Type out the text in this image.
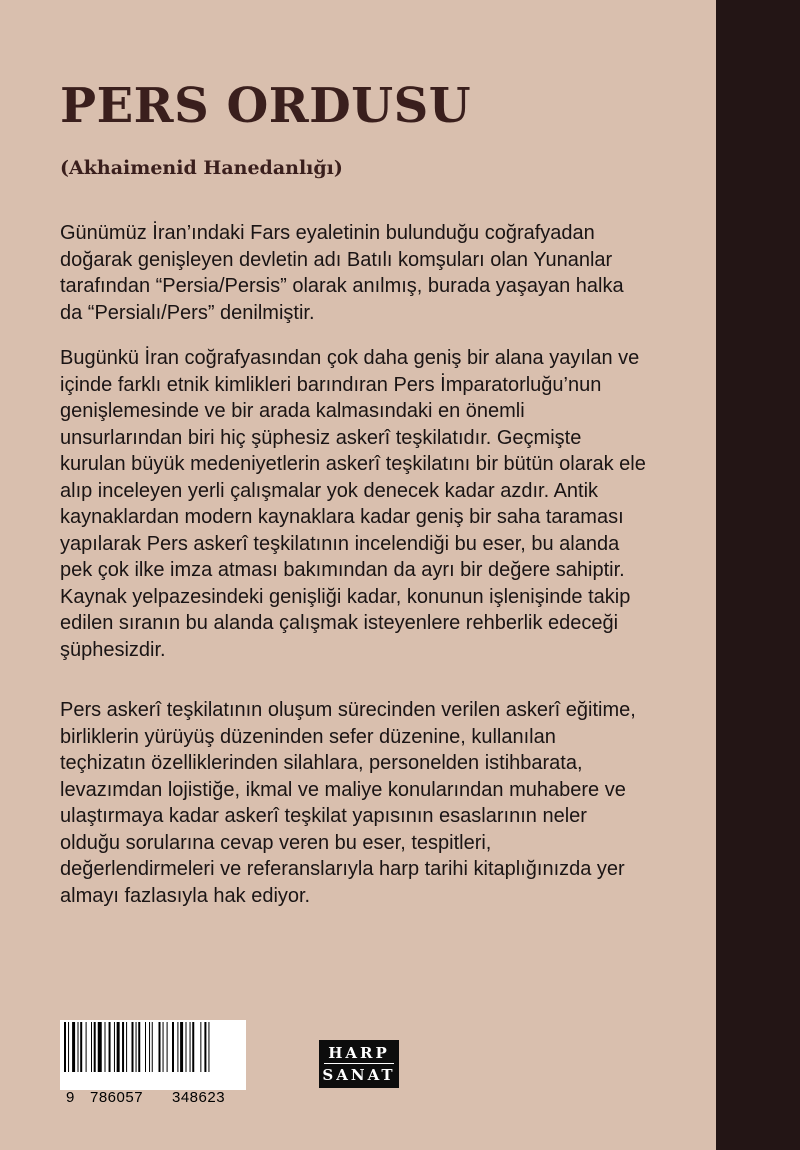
PERS ORDUSU
(Akhaimenid Hanedanlığı)

Günümüz İran’ındaki Fars eyaletinin bulunduğu coğrafyadan
doğarak genişleyen devletin adı Batılı komşuları olan Yunanlar
tarafından “Persia/Persis” olarak anılmış, burada yaşayan halka
da “Persialı/Pers” denilmiştir.

Bugünkü İran coğrafyasından çok daha geniş bir alana yayılan ve
içinde farklı etnik kimlikleri barındıran Pers İmparatorluğu’nun
genişlemesinde ve bir arada kalmasındaki en önemli
unsurlarından biri hiç şüphesiz askerî teşkilatıdır. Geçmişte
kurulan büyük medeniyetlerin askerî teşkilatını bir bütün olarak ele
alıp inceleyen yerli çalışmalar yok denecek kadar azdır. Antik
kaynaklardan modern kaynaklara kadar geniş bir saha taraması
yapılarak Pers askerî teşkilatının incelendiği bu eser, bu alanda
pek çok ilke imza atması bakımından da ayrı bir değere sahiptir.
Kaynak yelpazesindeki genişliği kadar, konunun işlenişinde takip
edilen sıranın bu alanda çalışmak isteyenlere rehberlik edeceği
şüphesizdir.

Pers askerî teşkilatının oluşum sürecinden verilen askerî eğitime,
birliklerin yürüyüş düzeninden sefer düzenine, kullanılan
teçhizatın özelliklerinden silahlara, personelden istihbarata,
levazımdan lojistiğe, ikmal ve maliye konularından muhabere ve
ulaştırmaya kadar askerî teşkilat yapısının esaslarının neler
olduğu sorularına cevap veren bu eser, tespitleri,
değerlendirmeleri ve referanslarıyla harp tarihi kitaplığınızda yer
almayı fazlasıyla hak ediyor.

9 786057 348623
HARP
SANAT
